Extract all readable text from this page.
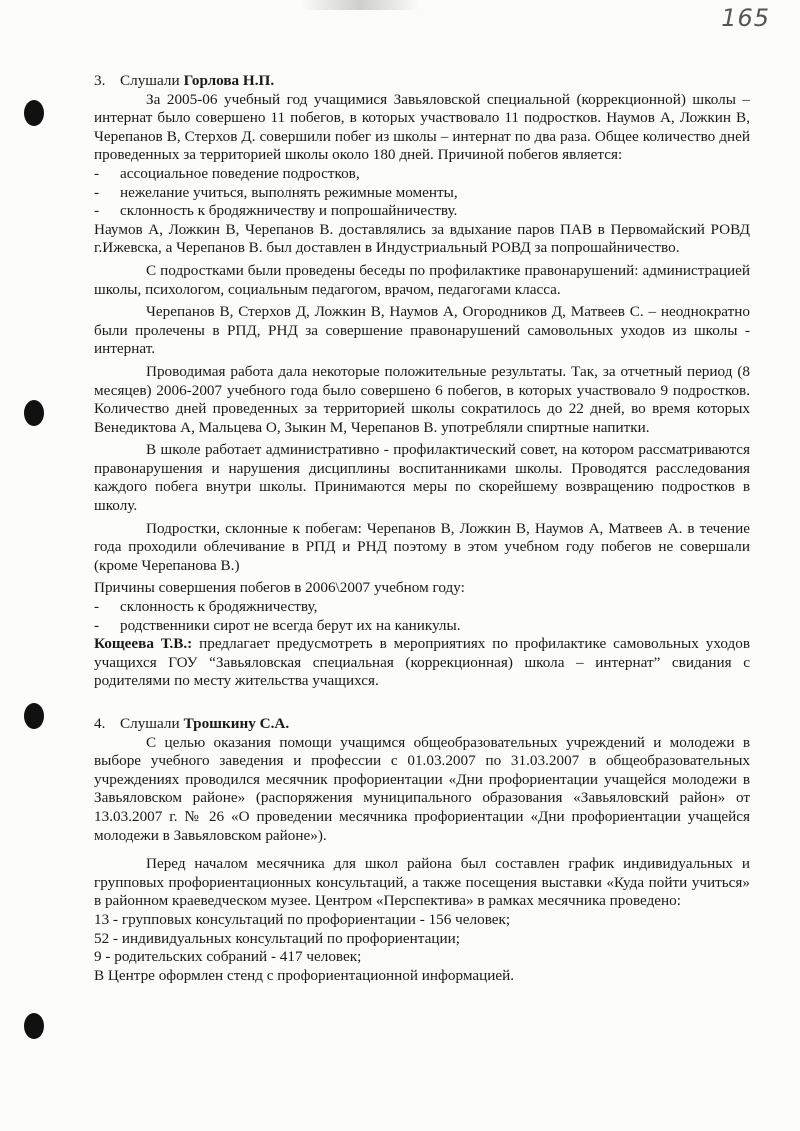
165

3. Слушали Горлова Н.П.

За 2005-06 учебный год учащимися Завьяловской специальной (коррекционной) школы – интернат было совершено 11 побегов, в которых участвовало 11 подростков. Наумов А, Ложкин В, Черепанов В, Стерхов Д. совершили побег из школы – интернат по два раза. Общее количество дней проведенных за территорией школы около 180 дней. Причиной побегов является:

-	ассоциальное поведение подростков,
-	нежелание учиться, выполнять режимные моменты,
-	склонность к бродяжничеству и попрошайничеству.

Наумов А, Ложкин В, Черепанов В. доставлялись за вдыхание паров ПАВ в Первомайский РОВД г.Ижевска, а Черепанов В. был доставлен в Индустриальный РОВД за попрошайничество.

С подростками были проведены беседы по профилактике правонарушений: администрацией школы, психологом, социальным педагогом, врачом, педагогами класса.

Черепанов В, Стерхов Д, Ложкин В, Наумов А, Огородников Д, Матвеев С. – неоднократно были пролечены в РПД, РНД за совершение правонарушений самовольных уходов из школы - интернат.

Проводимая работа дала некоторые положительные результаты. Так, за отчетный период (8 месяцев) 2006-2007 учебного года было совершено 6 побегов, в которых участвовало 9 подростков. Количество дней проведенных за территорией школы сократилось до 22 дней, во время которых Венедиктова А, Мальцева О, Зыкин М, Черепанов В. употребляли спиртные напитки.

В школе работает административно - профилактический совет, на котором рассматриваются правонарушения и нарушения дисциплины воспитанниками школы. Проводятся расследования каждого побега внутри школы. Принимаются меры по скорейшему возвращению подростков в школу.

Подростки, склонные к побегам: Черепанов В, Ложкин В, Наумов А, Матвеев А. в течение года проходили облечивание в РПД и РНД поэтому в этом учебном году побегов не совершали (кроме Черепанова В.)

Причины совершения побегов в 2006\2007 учебном году:

-	склонность к бродяжничеству,
-	родственники сирот не всегда берут их на каникулы.

Кощеева Т.В.: предлагает предусмотреть в мероприятиях по профилактике самовольных уходов учащихся ГОУ “Завьяловская специальная (коррекционная) школа – интернат” свидания с родителями по месту жительства учащихся.

4. Слушали Трошкину С.А.

С целью оказания помощи учащимся общеобразовательных учреждений и молодежи в выборе учебного заведения и профессии с 01.03.2007 по 31.03.2007 в общеобразовательных учреждениях проводился месячник профориентации «Дни профориентации учащейся молодежи в Завьяловском районе» (распоряжения муниципального образования «Завьяловский район» от 13.03.2007 г. № 26 «О проведении месячника профориентации «Дни профориентации учащейся молодежи в Завьяловском районе»).

Перед началом месячника для школ района был составлен график индивидуальных и групповых профориентационных консультаций, а также посещения выставки «Куда пойти учиться» в районном краеведческом музее. Центром «Перспектива» в рамках месячника проведено:

13 - групповых консультаций по профориентации - 156 человек;

52 - индивидуальных консультаций по профориентации;

9 - родительских собраний - 417 человек;

В Центре оформлен стенд с профориентационной информацией.
